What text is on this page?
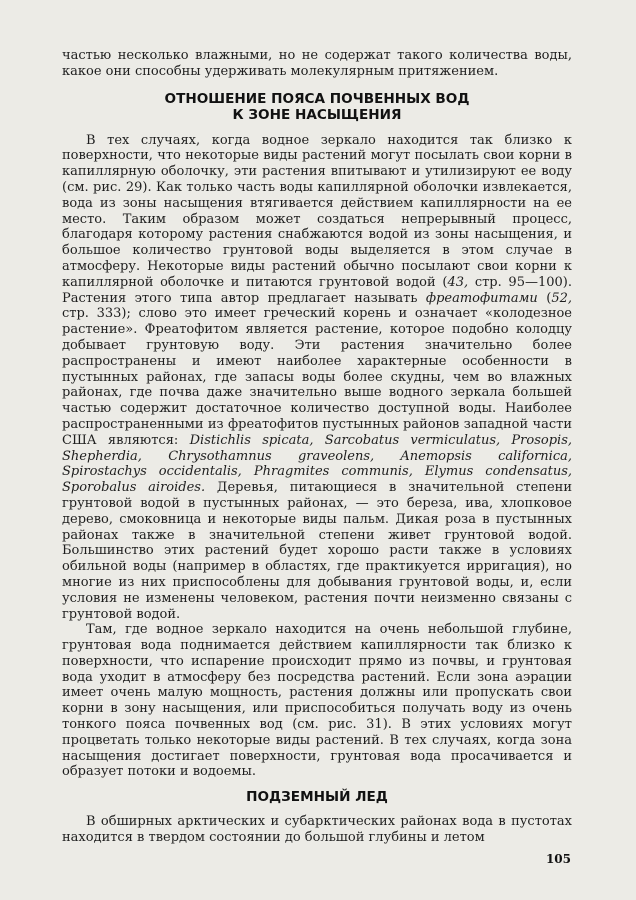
частью несколько влажными, но не содержат такого количества воды, какое они способны удерживать молекулярным притяжением.

ОТНОШЕНИЕ ПОЯСА ПОЧВЕННЫХ ВОД
К ЗОНЕ НАСЫЩЕНИЯ

В тех случаях, когда водное зеркало находится так близко к поверхности, что некоторые виды растений могут посылать свои корни в капиллярную оболочку, эти растения впитывают и утилизируют ее воду (см. рис. 29). Как только часть воды капиллярной оболочки извлекается, вода из зоны насыщения втягивается действием капиллярности на ее место. Таким образом может создаться непрерывный процесс, благодаря которому растения снабжаются водой из зоны насыщения, и большое количество грунтовой воды выделяется в этом случае в атмосферу. Некоторые виды растений обычно посылают свои корни к капиллярной оболочке и питаются грунтовой водой (43, стр. 95—100). Растения этого типа автор предлагает называть фреатофитами (52, стр. 333); слово это имеет греческий корень и означает «колодезное растение». Фреатофитом является растение, которое подобно колодцу добывает грунтовую воду. Эти растения значительно более распространены и имеют наиболее характерные особенности в пустынных районах, где запасы воды более скудны, чем во влажных районах, где почва даже значительно выше водного зеркала большей частью содержит достаточное количество доступной воды. Наиболее распространенными из фреатофитов пустынных районов западной части США являются: Distichlis spicata, Sarcobatus vermiculatus, Prosopis, Shepherdia, Chrysothamnus graveolens, Anemopsis californica, Spirostachys occidentalis, Phragmites communis, Elymus condensatus, Sporobalus airoides. Деревья, питающиеся в значительной степени грунтовой водой в пустынных районах, — это береза, ива, хлопковое дерево, смоковница и некоторые виды пальм. Дикая роза в пустынных районах также в значительной степени живет грунтовой водой. Большинство этих растений будет хорошо расти также в условиях обильной воды (например в областях, где практикуется ирригация), но многие из них приспособлены для добывания грунтовой воды, и, если условия не изменены человеком, растения почти неизменно связаны с грунтовой водой.

Там, где водное зеркало находится на очень небольшой глубине, грунтовая вода поднимается действием капиллярности так близко к поверхности, что испарение происходит прямо из почвы, и грунтовая вода уходит в атмосферу без посредства растений. Если зона аэрации имеет очень малую мощность, растения должны или пропускать свои корни в зону насыщения, или приспособиться получать воду из очень тонкого пояса почвенных вод (см. рис. 31). В этих условиях могут процветать только некоторые виды растений. В тех случаях, когда зона насыщения достигает поверхности, грунтовая вода просачивается и образует потоки и водоемы.

ПОДЗЕМНЫЙ ЛЕД

В обширных арктических и субарктических районах вода в пустотах находится в твердом состоянии до большой глубины и летом

105
